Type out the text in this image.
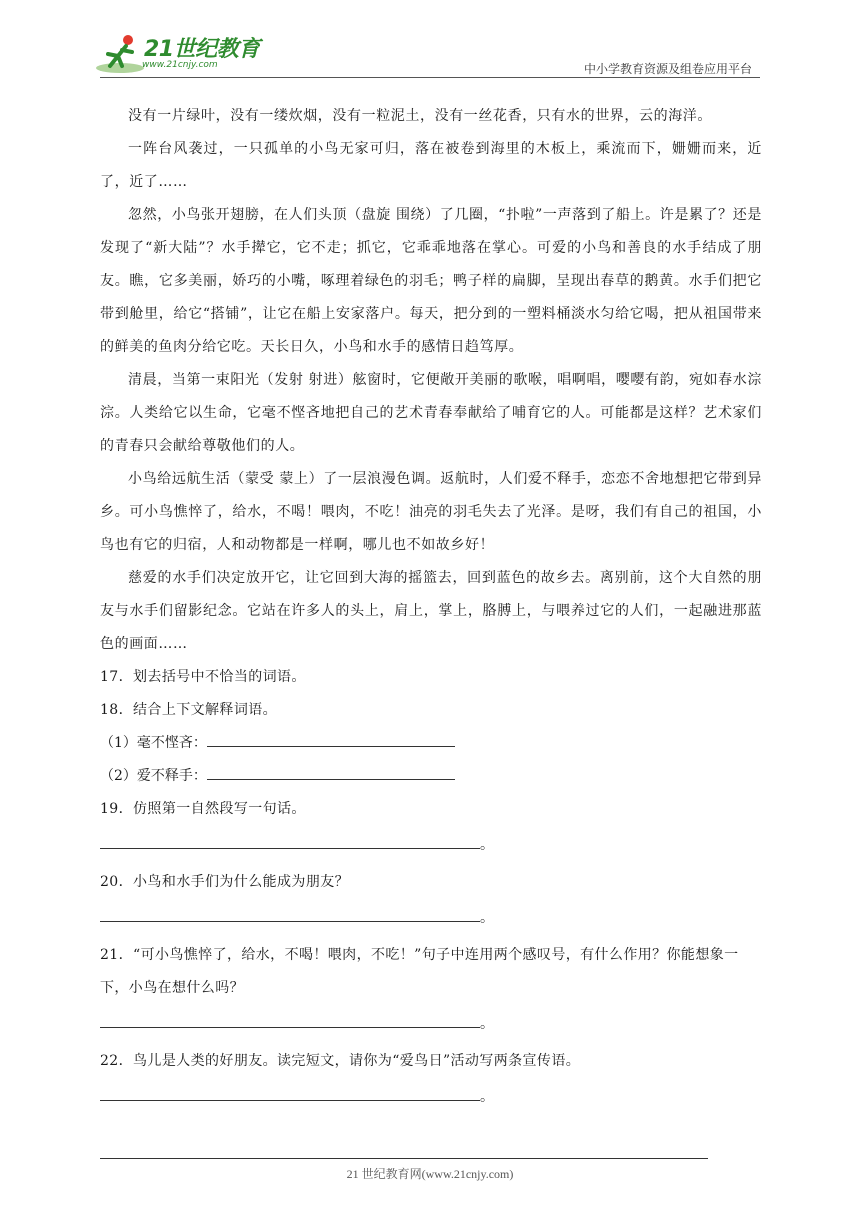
21世纪教育
www.21cnjy.com	中小学教育资源及组卷应用平台

没有一片绿叶，没有一缕炊烟，没有一粒泥土，没有一丝花香，只有水的世界，云的海洋。

一阵台风袭过，一只孤单的小鸟无家可归，落在被卷到海里的木板上，乘流而下，姗姗而来，近了，近了……

忽然，小鸟张开翅膀，在人们头顶（盘旋 围绕）了几圈，“扑啦”一声落到了船上。许是累了？还是发现了“新大陆”？水手撵它，它不走；抓它，它乖乖地落在掌心。可爱的小鸟和善良的水手结成了朋友。瞧，它多美丽，娇巧的小嘴，啄理着绿色的羽毛；鸭子样的扁脚，呈现出春草的鹅黄。水手们把它带到舱里，给它“搭铺”，让它在船上安家落户。每天，把分到的一塑料桶淡水匀给它喝，把从祖国带来的鲜美的鱼肉分给它吃。天长日久，小鸟和水手的感情日趋笃厚。

清晨，当第一束阳光（发射 射进）舷窗时，它便敞开美丽的歌喉，唱啊唱，嘤嘤有韵，宛如春水淙淙。人类给它以生命，它毫不悭吝地把自己的艺术青春奉献给了哺育它的人。可能都是这样？艺术家们的青春只会献给尊敬他们的人。

小鸟给远航生活（蒙受 蒙上）了一层浪漫色调。返航时，人们爱不释手，恋恋不舍地想把它带到异乡。可小鸟憔悴了，给水，不喝！喂肉，不吃！油亮的羽毛失去了光泽。是呀，我们有自己的祖国，小鸟也有它的归宿，人和动物都是一样啊，哪儿也不如故乡好！

慈爱的水手们决定放开它，让它回到大海的摇篮去，回到蓝色的故乡去。离别前，这个大自然的朋友与水手们留影纪念。它站在许多人的头上，肩上，掌上，胳膊上，与喂养过它的人们，一起融进那蓝色的画面……

17．划去括号中不恰当的词语。

18．结合上下文解释词语。

（1）毫不悭吝：

（2）爱不释手：

19．仿照第一自然段写一句话。

。

20．小鸟和水手们为什么能成为朋友？

。

21．“可小鸟憔悴了，给水，不喝！喂肉，不吃！”句子中连用两个感叹号，有什么作用？你能想象一下，小鸟在想什么吗？

。

22．鸟儿是人类的好朋友。读完短文，请你为“爱鸟日”活动写两条宣传语。

。
21 世纪教育网(www.21cnjy.com)
